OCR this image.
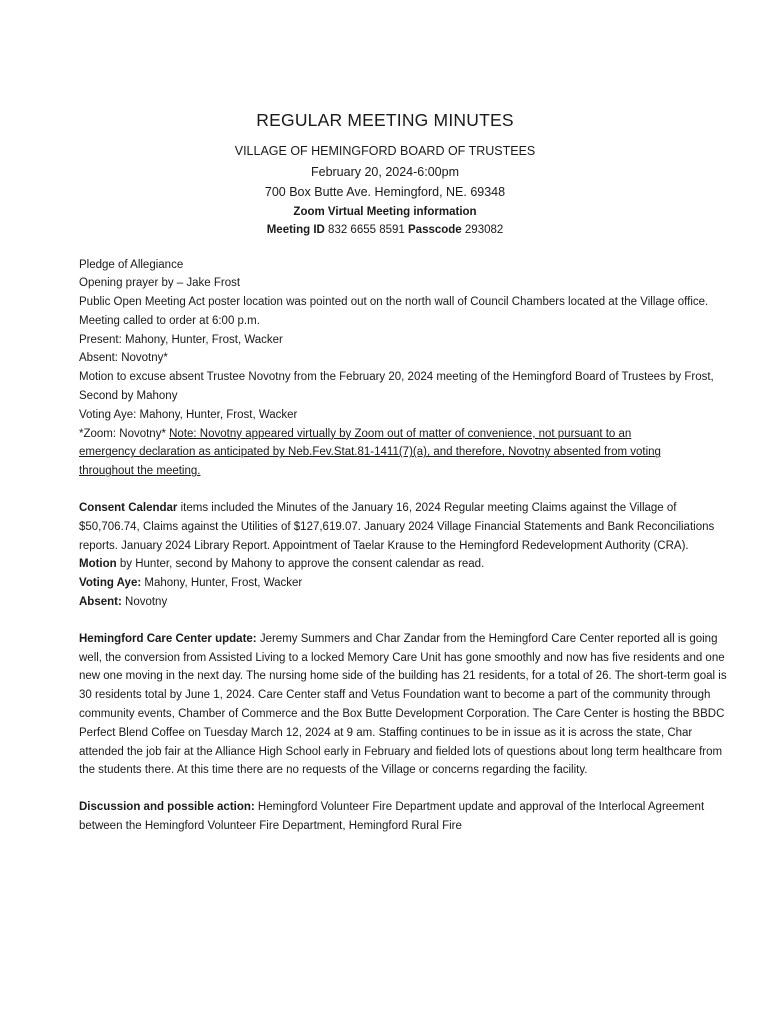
REGULAR MEETING MINUTES

VILLAGE OF HEMINGFORD BOARD OF TRUSTEES

February 20, 2024-6:00pm

700 Box Butte Ave. Hemingford, NE. 69348

Zoom Virtual Meeting information

Meeting ID 832 6655 8591 Passcode 293082

Pledge of Allegiance

Opening prayer by – Jake Frost

Public Open Meeting Act poster location was pointed out on the north wall of Council Chambers located at the Village office.

Meeting called to order at 6:00 p.m.

Present: Mahony, Hunter, Frost, Wacker

Absent: Novotny*

Motion to excuse absent Trustee Novotny from the February 20, 2024 meeting of the Hemingford Board of Trustees by Frost, Second by Mahony

Voting Aye: Mahony, Hunter, Frost, Wacker

*Zoom: Novotny* Note: Novotny appeared virtually by Zoom out of matter of convenience, not pursuant to an emergency declaration as anticipated by Neb.Fev.Stat.81-1411(7)(a), and therefore, Novotny absented from voting throughout the meeting.

Consent Calendar items included the Minutes of the January 16, 2024 Regular meeting Claims against the Village of $50,706.74, Claims against the Utilities of $127,619.07. January 2024 Village Financial Statements and Bank Reconciliations reports. January 2024 Library Report. Appointment of Taelar Krause to the Hemingford Redevelopment Authority (CRA).

Motion by Hunter, second by Mahony to approve the consent calendar as read.

Voting Aye: Mahony, Hunter, Frost, Wacker

Absent: Novotny

Hemingford Care Center update: Jeremy Summers and Char Zandar from the Hemingford Care Center reported all is going well, the conversion from Assisted Living to a locked Memory Care Unit has gone smoothly and now has five residents and one new one moving in the next day. The nursing home side of the building has 21 residents, for a total of 26. The short-term goal is 30 residents total by June 1, 2024. Care Center staff and Vetus Foundation want to become a part of the community through community events, Chamber of Commerce and the Box Butte Development Corporation. The Care Center is hosting the BBDC Perfect Blend Coffee on Tuesday March 12, 2024 at 9 am. Staffing continues to be in issue as it is across the state, Char attended the job fair at the Alliance High School early in February and fielded lots of questions about long term healthcare from the students there. At this time there are no requests of the Village or concerns regarding the facility.

Discussion and possible action: Hemingford Volunteer Fire Department update and approval of the Interlocal Agreement between the Hemingford Volunteer Fire Department, Hemingford Rural Fire
